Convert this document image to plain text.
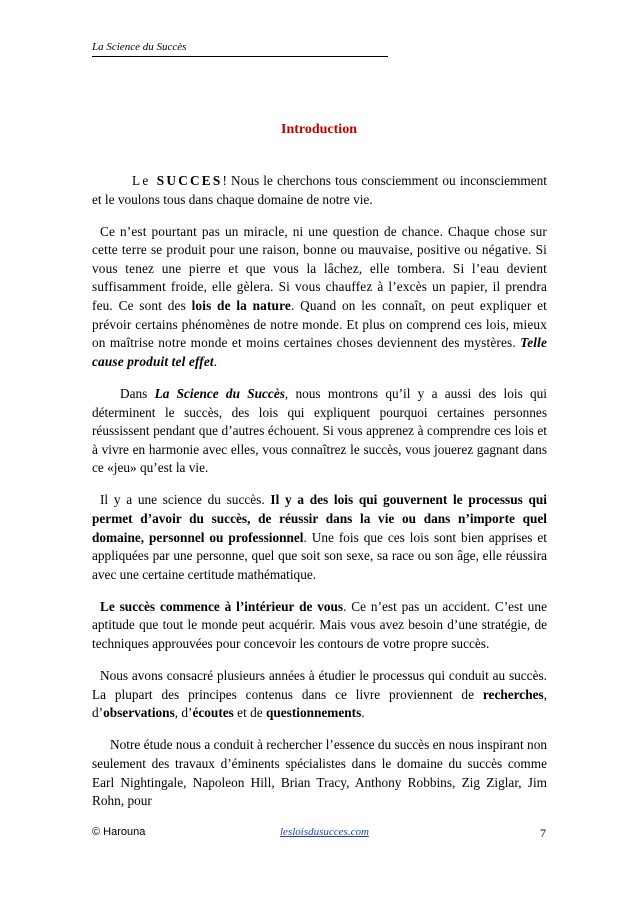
La Science du Succès
Introduction

Le SUCCES! Nous le cherchons tous consciemment ou inconsciemment et le voulons tous dans chaque domaine de notre vie.

Ce n’est pourtant pas un miracle, ni une question de chance. Chaque chose sur cette terre se produit pour une raison, bonne ou mauvaise, positive ou négative. Si vous tenez une pierre et que vous la lâchez, elle tombera. Si l’eau devient suffisamment froide, elle gèlera. Si vous chauffez à l’excès un papier, il prendra feu. Ce sont des lois de la nature. Quand on les connaît, on peut expliquer et prévoir certains phénomènes de notre monde. Et plus on comprend ces lois, mieux on maîtrise notre monde et moins certaines choses deviennent des mystères. Telle cause produit tel effet.

Dans La Science du Succès, nous montrons qu’il y a aussi des lois qui déterminent le succès, des lois qui expliquent pourquoi certaines personnes réussissent pendant que d’autres échouent. Si vous apprenez à comprendre ces lois et à vivre en harmonie avec elles, vous connaîtrez le succès, vous jouerez gagnant dans ce «jeu» qu’est la vie.

Il y a une science du succès. Il y a des lois qui gouvernent le processus qui permet d’avoir du succès, de réussir dans la vie ou dans n’importe quel domaine, personnel ou professionnel. Une fois que ces lois sont bien apprises et appliquées par une personne, quel que soit son sexe, sa race ou son âge, elle réussira avec une certaine certitude mathématique.

Le succès commence à l’intérieur de vous. Ce n’est pas un accident. C’est une aptitude que tout le monde peut acquérir. Mais vous avez besoin d’une stratégie, de techniques approuvées pour concevoir les contours de votre propre succès.

Nous avons consacré plusieurs années à étudier le processus qui conduit au succès. La plupart des principes contenus dans ce livre proviennent de recherches, d’observations, d’écoutes et de questionnements.

Notre étude nous a conduit à rechercher l’essence du succès en nous inspirant non seulement des travaux d’éminents spécialistes dans le domaine du succès comme Earl Nightingale, Napoleon Hill, Brian Tracy, Anthony Robbins, Zig Ziglar, Jim Rohn, pour

© Harouna	lesloisdusucces.com	7
